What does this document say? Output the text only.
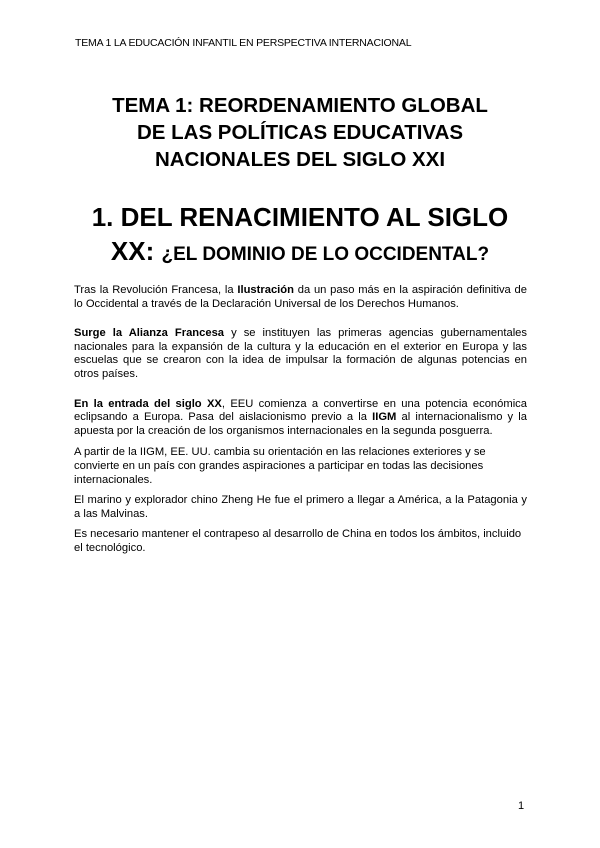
TEMA 1 LA EDUCACIÓN INFANTIL EN PERSPECTIVA INTERNACIONAL
TEMA 1: REORDENAMIENTO GLOBAL
DE LAS POLÍTICAS EDUCATIVAS
NACIONALES DEL SIGLO XXI
1. DEL RENACIMIENTO AL SIGLO
XX: ¿EL DOMINIO DE LO OCCIDENTAL?

Tras la Revolución Francesa, la Ilustración da un paso más en la aspiración definitiva de lo Occidental a través de la Declaración Universal de los Derechos Humanos.

Surge la Alianza Francesa y se instituyen las primeras agencias gubernamentales nacionales para la expansión de la cultura y la educación en el exterior en Europa y las escuelas que se crearon con la idea de impulsar la formación de algunas potencias en otros países.

En la entrada del siglo XX, EEU comienza a convertirse en una potencia económica eclipsando a Europa. Pasa del aislacionismo previo a la IIGM al internacionalismo y la apuesta por la creación de los organismos internacionales en la segunda posguerra.

A partir de la IIGM, EE. UU. cambia su orientación en las relaciones exteriores y se convierte en un país con grandes aspiraciones a participar en todas las decisiones internacionales.

El marino y explorador chino Zheng He fue el primero a llegar a América, a la Patagonia y a las Malvinas.

Es necesario mantener el contrapeso al desarrollo de China en todos los ámbitos, incluido el tecnológico.

1
